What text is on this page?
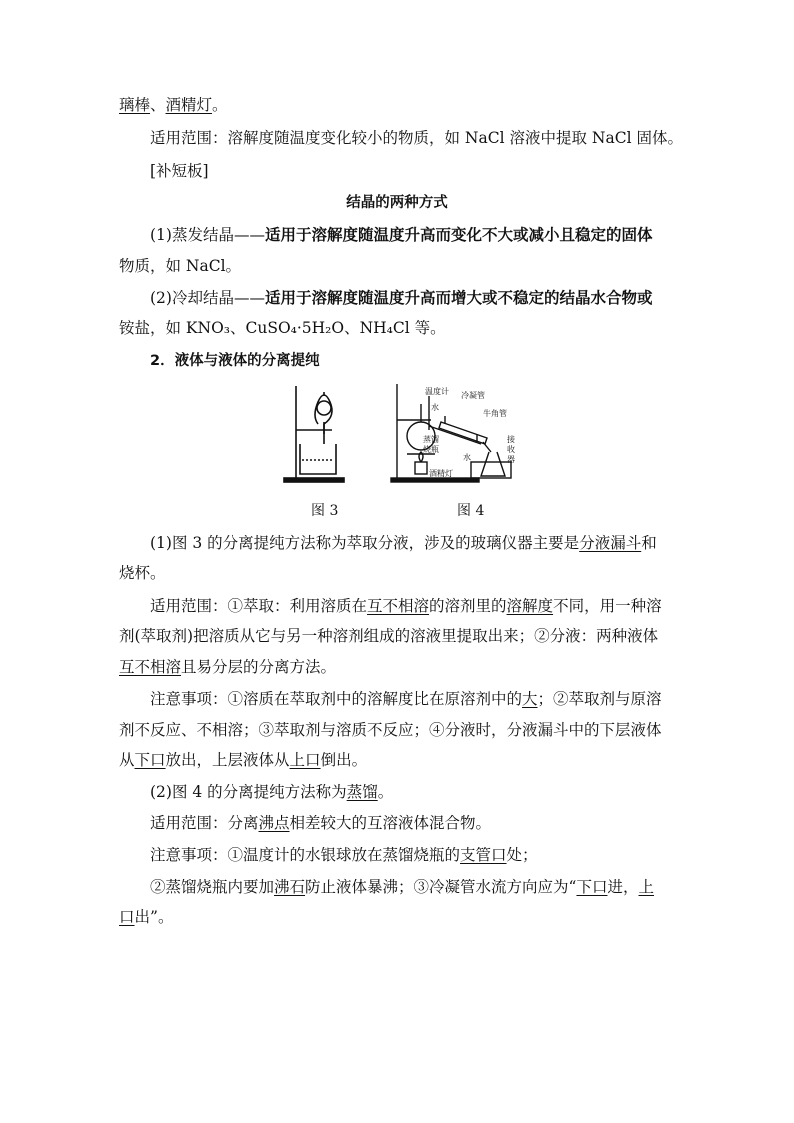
璃棒、酒精灯。
适用范围：溶解度随温度变化较小的物质，如 NaCl 溶液中提取 NaCl 固体。
[补短板]
结晶的两种方式
(1)蒸发结晶——适用于溶解度随温度升高而变化不大或减小且稳定的固体
物质，如 NaCl。
(2)冷却结晶——适用于溶解度随温度升高而增大或不稳定的结晶水合物或
铵盐，如 KNO₃、CuSO₄·5H₂O、NH₄Cl 等。
2．液体与液体的分离提纯
图 3
温度计
水
冷凝管
牛角管
蒸馏
烧瓶
水
接
收
器
酒精灯
图 4
(1)图 3 的分离提纯方法称为萃取分液，涉及的玻璃仪器主要是分液漏斗和
烧杯。
适用范围：①萃取：利用溶质在互不相溶的溶剂里的溶解度不同，用一种溶
剂(萃取剂)把溶质从它与另一种溶剂组成的溶液里提取出来；②分液：两种液体
互不相溶且易分层的分离方法。
注意事项：①溶质在萃取剂中的溶解度比在原溶剂中的大；②萃取剂与原溶
剂不反应、不相溶；③萃取剂与溶质不反应；④分液时，分液漏斗中的下层液体
从下口放出，上层液体从上口倒出。
(2)图 4 的分离提纯方法称为蒸馏。
适用范围：分离沸点相差较大的互溶液体混合物。
注意事项：①温度计的水银球放在蒸馏烧瓶的支管口处；
②蒸馏烧瓶内要加沸石防止液体暴沸；③冷凝管水流方向应为“下口进，上
口出”。
